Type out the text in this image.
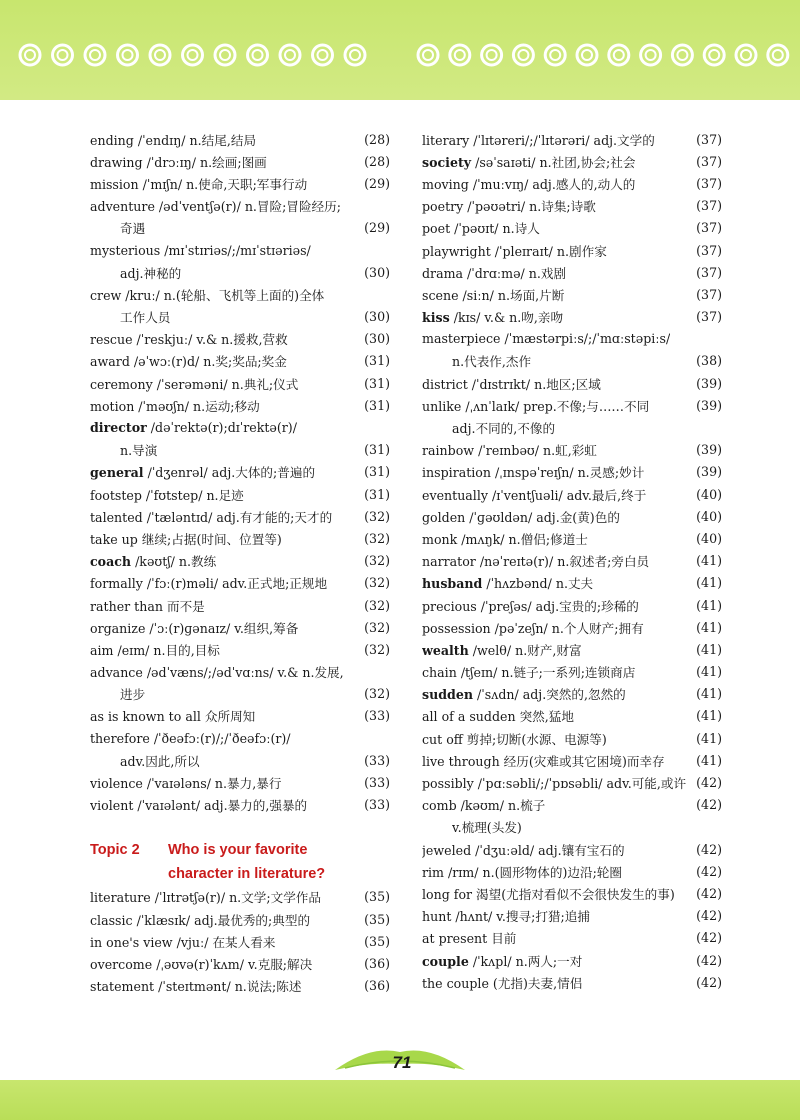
ending /ˈendɪŋ/ n.结尾,结局	(28)
drawing /ˈdrɔːɪŋ/ n.绘画;图画	(28)
mission /ˈmɪʃn/ n.使命,天职;军事行动	(29)
adventure /ədˈventʃə(r)/ n.冒险;冒险经历;
奇遇	(29)
mysterious /mɪˈstɪriəs/;/mɪˈstɪəriəs/
adj.神秘的	(30)
crew /kruː/ n.(轮船、飞机等上面的)全体
工作人员	(30)
rescue /ˈreskjuː/ v.& n.援救,营救	(30)
award /əˈwɔː(r)d/ n.奖;奖品;奖金	(31)
ceremony /ˈserəməni/ n.典礼;仪式	(31)
motion /ˈməʊʃn/ n.运动;移动	(31)
director /dəˈrektə(r);dɪˈrektə(r)/
n.导演	(31)
general /ˈdʒenrəl/ adj.大体的;普遍的	(31)
footstep /ˈfʊtstep/ n.足迹	(31)
talented /ˈtæləntɪd/ adj.有才能的;天才的	(32)
take up 继续;占据(时间、位置等)	(32)
coach /kəʊtʃ/ n.教练	(32)
formally /ˈfɔː(r)məli/ adv.正式地;正规地	(32)
rather than 而不是	(32)
organize /ˈɔː(r)ɡənaɪz/ v.组织,筹备	(32)
aim /eɪm/ n.目的,目标	(32)
advance /ədˈvæns/;/ədˈvɑːns/ v.& n.发展,
进步	(32)
as is known to all 众所周知	(33)
therefore /ˈðeəfɔː(r)/;/ˈðeəfɔː(r)/
adv.因此,所以	(33)
violence /ˈvaɪələns/ n.暴力,暴行	(33)
violent /ˈvaɪələnt/ adj.暴力的,强暴的	(33)
Topic 2	Who is your favorite
character in literature?
literature /ˈlɪtrətʃə(r)/ n.文学;文学作品	(35)
classic /ˈklæsɪk/ adj.最优秀的;典型的	(35)
in one's view /vjuː/ 在某人看来	(35)
overcome /ˌəʊvə(r)ˈkʌm/ v.克服;解决	(36)
statement /ˈsteɪtmənt/ n.说法;陈述	(36)
literary /ˈlɪtəreri/;/ˈlɪtərəri/ adj.文学的	(37)
society /səˈsaɪəti/ n.社团,协会;社会	(37)
moving /ˈmuːvɪŋ/ adj.感人的,动人的	(37)
poetry /ˈpəʊətri/ n.诗集;诗歌	(37)
poet /ˈpəʊɪt/ n.诗人	(37)
playwright /ˈpleɪraɪt/ n.剧作家	(37)
drama /ˈdrɑːmə/ n.戏剧	(37)
scene /siːn/ n.场面,片断	(37)
kiss /kɪs/ v.& n.吻,亲吻	(37)
masterpiece /ˈmæstərpiːs/;/ˈmɑːstəpiːs/
n.代表作,杰作	(38)
district /ˈdɪstrɪkt/ n.地区;区域	(39)
unlike /ˌʌnˈlaɪk/ prep.不像;与……不同	(39)
adj.不同的,不像的
rainbow /ˈreɪnbəʊ/ n.虹,彩虹	(39)
inspiration /ˌɪnspəˈreɪʃn/ n.灵感;妙计	(39)
eventually /ɪˈventʃuəli/ adv.最后,终于	(40)
golden /ˈɡəʊldən/ adj.金(黄)色的	(40)
monk /mʌŋk/ n.僧侣;修道士	(40)
narrator /nəˈreɪtə(r)/ n.叙述者;旁白员	(41)
husband /ˈhʌzbənd/ n.丈夫	(41)
precious /ˈpreʃəs/ adj.宝贵的;珍稀的	(41)
possession /pəˈzeʃn/ n.个人财产;拥有	(41)
wealth /welθ/ n.财产,财富	(41)
chain /tʃeɪn/ n.链子;一系列;连锁商店	(41)
sudden /ˈsʌdn/ adj.突然的,忽然的	(41)
all of a sudden 突然,猛地	(41)
cut off 剪掉;切断(水源、电源等)	(41)
live through 经历(灾难或其它困境)而幸存	(41)
possibly /ˈpɑːsəbli/;/ˈpɒsəbli/ adv.可能,或许 (42)
comb /kəʊm/ n.梳子	(42)
v.梳理(头发)
jeweled /ˈdʒuːəld/ adj.镶有宝石的	(42)
rim /rɪm/ n.(圆形物体的)边沿;轮圈	(42)
long for 渴望(尤指对看似不会很快发生的事)	(42)
hunt /hʌnt/ v.搜寻;打猎;追捕	(42)
at present 目前	(42)
couple /ˈkʌpl/ n.两人;一对	(42)
the couple (尤指)夫妻,情侣	(42)
71
